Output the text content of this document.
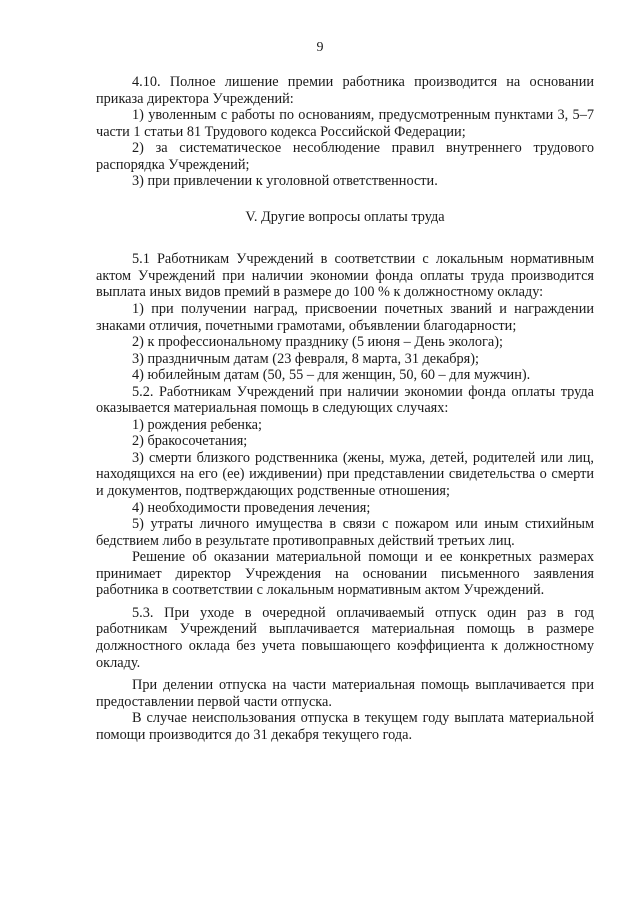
9

4.10. Полное лишение премии работника производится на основании приказа директора Учреждений:

1) уволенным с работы по основаниям, предусмотренным пунктами 3, 5–7 части 1 статьи 81 Трудового кодекса Российской Федерации;

2) за систематическое несоблюдение правил внутреннего трудового распорядка Учреждений;

3) при привлечении к уголовной ответственности.

V. Другие вопросы оплаты труда

5.1 Работникам Учреждений в соответствии с локальным нормативным актом Учреждений при наличии экономии фонда оплаты труда производится выплата иных видов премий в размере до 100 % к должностному окладу:

1) при получении наград, присвоении почетных званий и награждении знаками отличия, почетными грамотами, объявлении благодарности;

2) к профессиональному празднику (5 июня – День эколога);

3) праздничным датам (23 февраля, 8 марта, 31 декабря);

4) юбилейным датам (50, 55 – для женщин, 50, 60 – для мужчин).

5.2. Работникам Учреждений при наличии экономии фонда оплаты труда оказывается материальная помощь в следующих случаях:

1) рождения ребенка;

2) бракосочетания;

3) смерти близкого родственника (жены, мужа, детей, родителей или лиц, находящихся на его (ее) иждивении) при представлении свидетельства о смерти и документов, подтверждающих родственные отношения;

4) необходимости проведения лечения;

5) утраты личного имущества в связи с пожаром или иным стихийным бедствием либо в результате противоправных действий третьих лиц.

Решение об оказании материальной помощи и ее конкретных размерах принимает директор Учреждения на основании письменного заявления работника в соответствии с локальным нормативным актом Учреждений.

5.3. При уходе в очередной оплачиваемый отпуск один раз в год работникам Учреждений выплачивается материальная помощь в размере должностного оклада без учета повышающего коэффициента к должностному окладу.

При делении отпуска на части материальная помощь выплачивается при предоставлении первой части отпуска.

В случае неиспользования отпуска в текущем году выплата материальной помощи производится до 31 декабря текущего года.
